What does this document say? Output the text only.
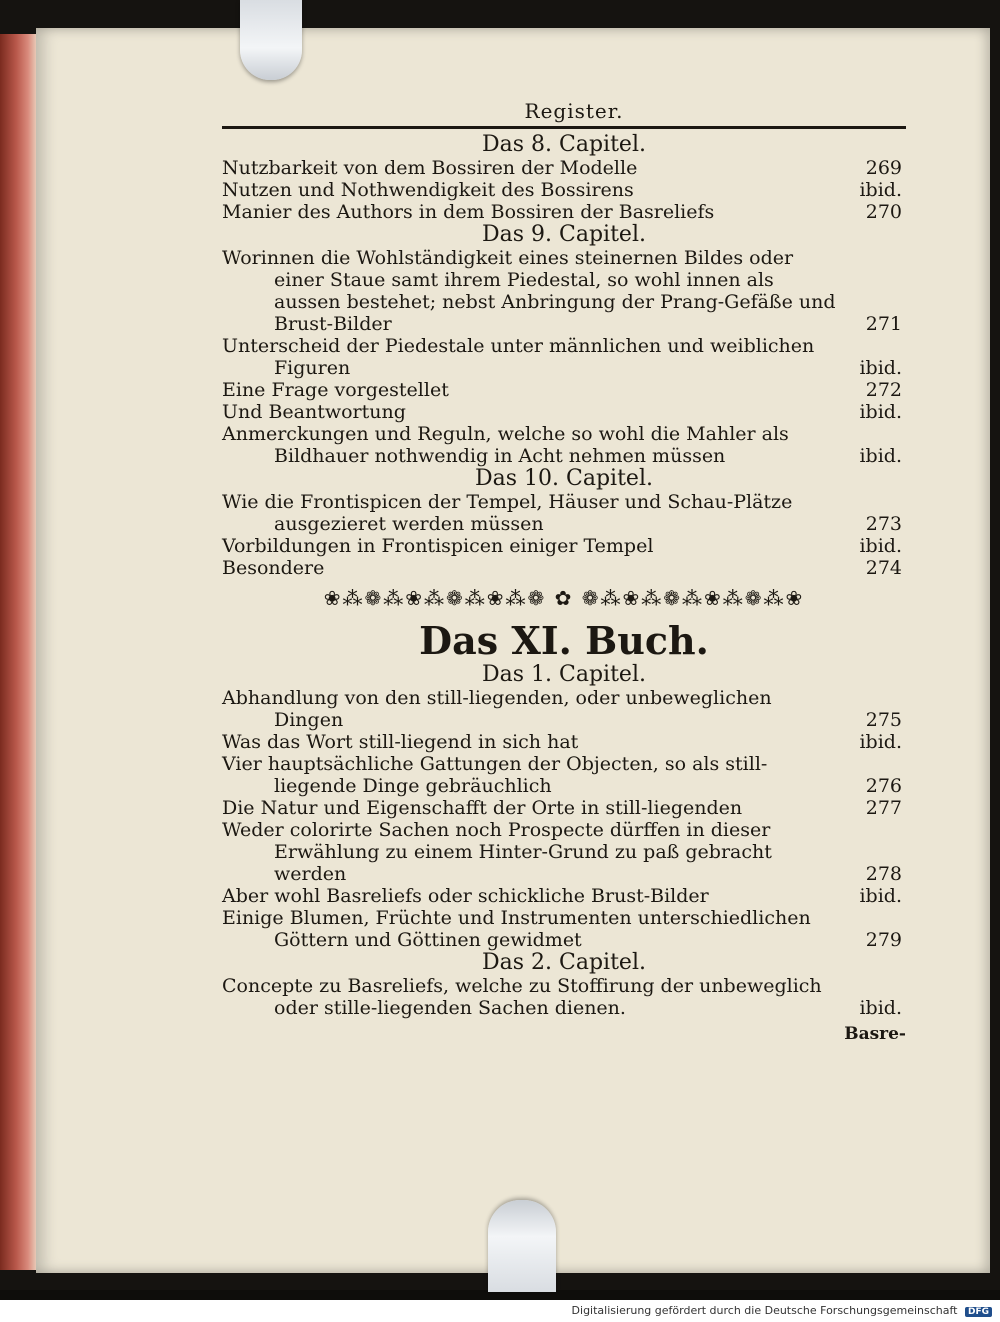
Register.
Das 8. Capitel.
Nutzbarkeit von dem Bossiren der Modelle	269
Nutzen und Nothwendigkeit des Bossirens	ibid.
Manier des Authors in dem Bossiren der Basreliefs	270
Das 9. Capitel.
Worinnen die Wohlständigkeit eines steinernen Bildes oder einer Staue samt ihrem Piedestal, so wohl innen als aussen bestehet; nebst Anbringung der Prang-Gefäße und Brust-Bilder	271
Unterscheid der Piedestale unter männlichen und weiblichen Figuren	ibid.
Eine Frage vorgestellet	272
Und Beantwortung	ibid.
Anmerckungen und Reguln, welche so wohl die Mahler als Bildhauer nothwendig in Acht nehmen müssen	ibid.
Das 10. Capitel.
Wie die Frontispicen der Tempel, Häuser und Schau-Plätze ausgezieret werden müssen	273
Vorbildungen in Frontispicen einiger Tempel	ibid.
Besondere	274
❀⁂❁⁂❀⁂❁⁂❀⁂❁ ✿ ❁⁂❀⁂❁⁂❀⁂❁⁂❀
Das XI. Buch.
Das 1. Capitel.
Abhandlung von den still-liegenden, oder unbeweglichen Dingen	275
Was das Wort still-liegend in sich hat	ibid.
Vier hauptsächliche Gattungen der Objecten, so als still-liegende Dinge gebräuchlich	276
Die Natur und Eigenschafft der Orte in still-liegenden	277
Weder colorirte Sachen noch Prospecte dürffen in dieser Erwählung zu einem Hinter-Grund zu paß gebracht werden	278
Aber wohl Basreliefs oder schickliche Brust-Bilder	ibid.
Einige Blumen, Früchte und Instrumenten unterschiedlichen Göttern und Göttinen gewidmet	279
Das 2. Capitel.
Concepte zu Basreliefs, welche zu Stoffirung der unbeweglich oder stille-liegenden Sachen dienen.	ibid.
Basre-
Digitalisierung gefördert durch die Deutsche Forschungsgemeinschaft DFG
